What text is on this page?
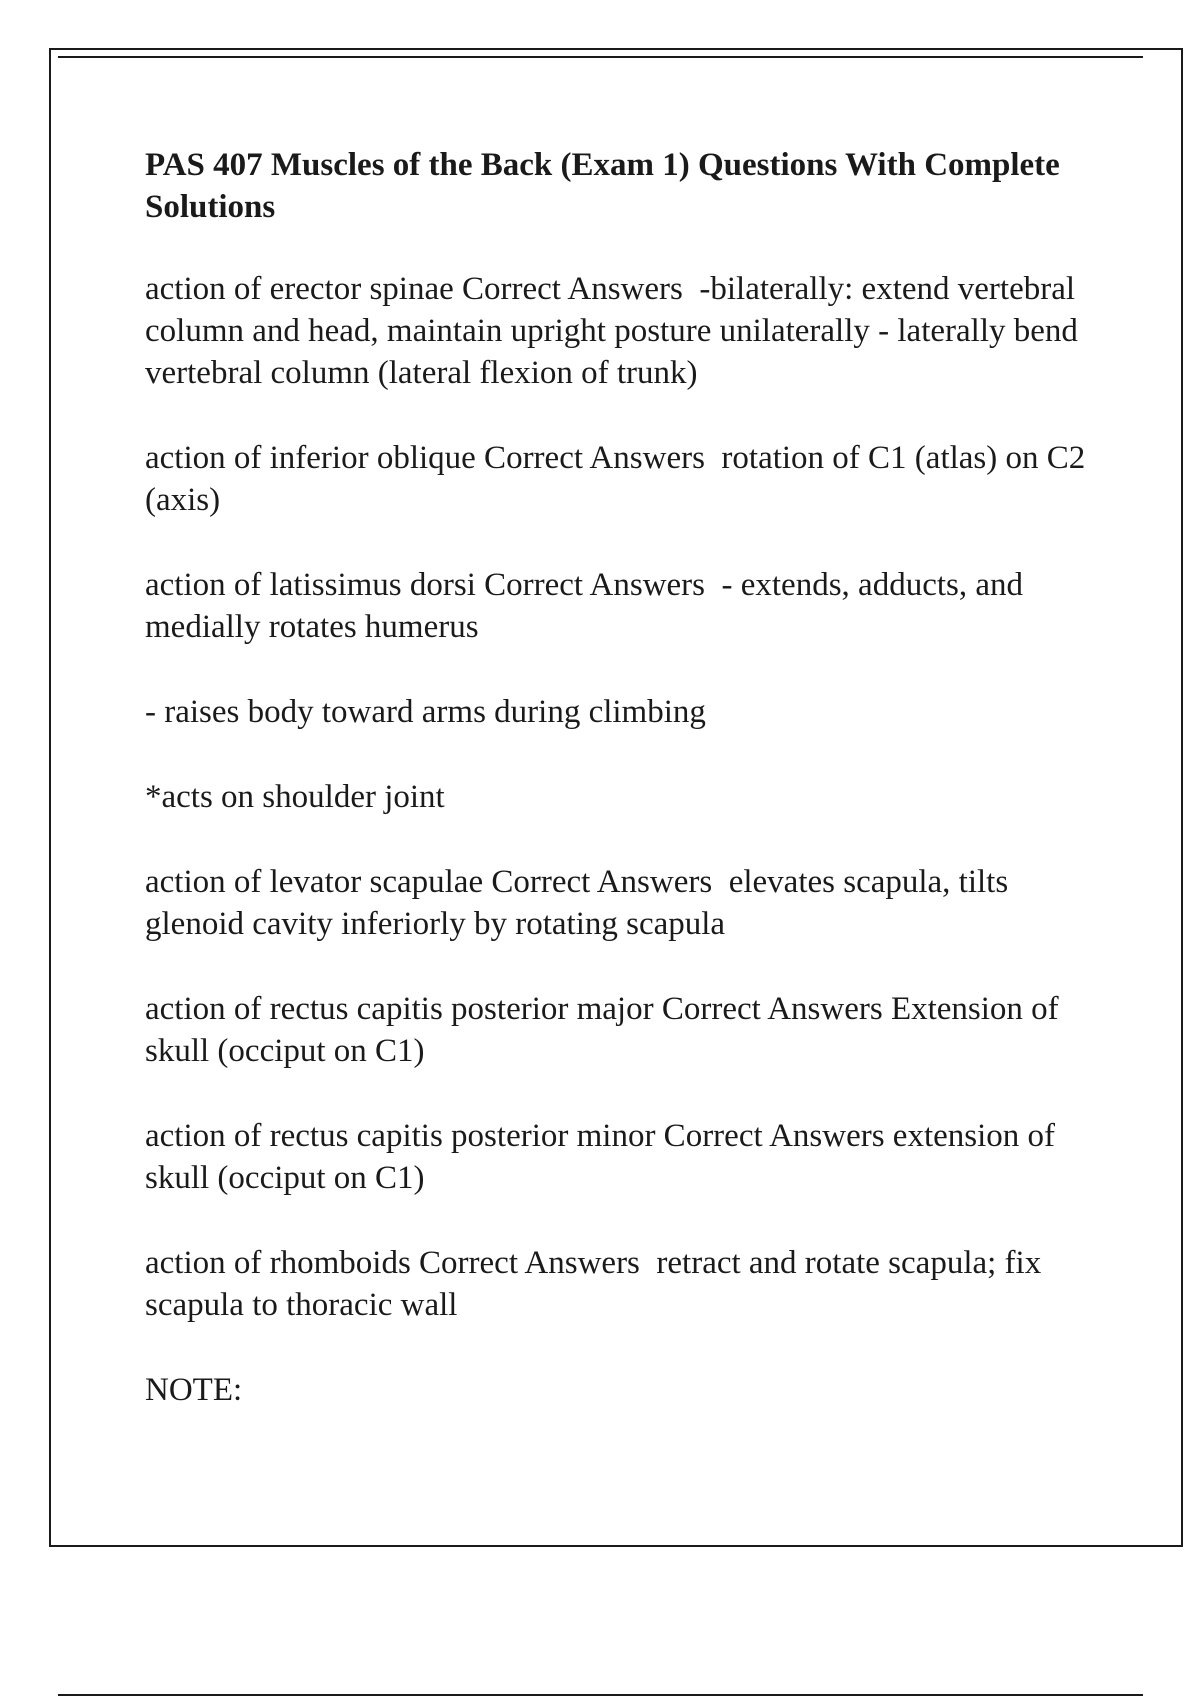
PAS 407 Muscles of the Back (Exam 1) Questions With Complete Solutions

action of erector spinae Correct Answers  -bilaterally: extend vertebral column and head, maintain upright posture unilaterally - laterally bend vertebral column (lateral flexion of trunk)

action of inferior oblique Correct Answers  rotation of C1 (atlas) on C2 (axis)

action of latissimus dorsi Correct Answers  - extends, adducts, and medially rotates humerus

- raises body toward arms during climbing

*acts on shoulder joint

action of levator scapulae Correct Answers  elevates scapula, tilts glenoid cavity inferiorly by rotating scapula

action of rectus capitis posterior major Correct Answers Extension of skull (occiput on C1)

action of rectus capitis posterior minor Correct Answers extension of skull (occiput on C1)

action of rhomboids Correct Answers  retract and rotate scapula; fix scapula to thoracic wall

NOTE:
